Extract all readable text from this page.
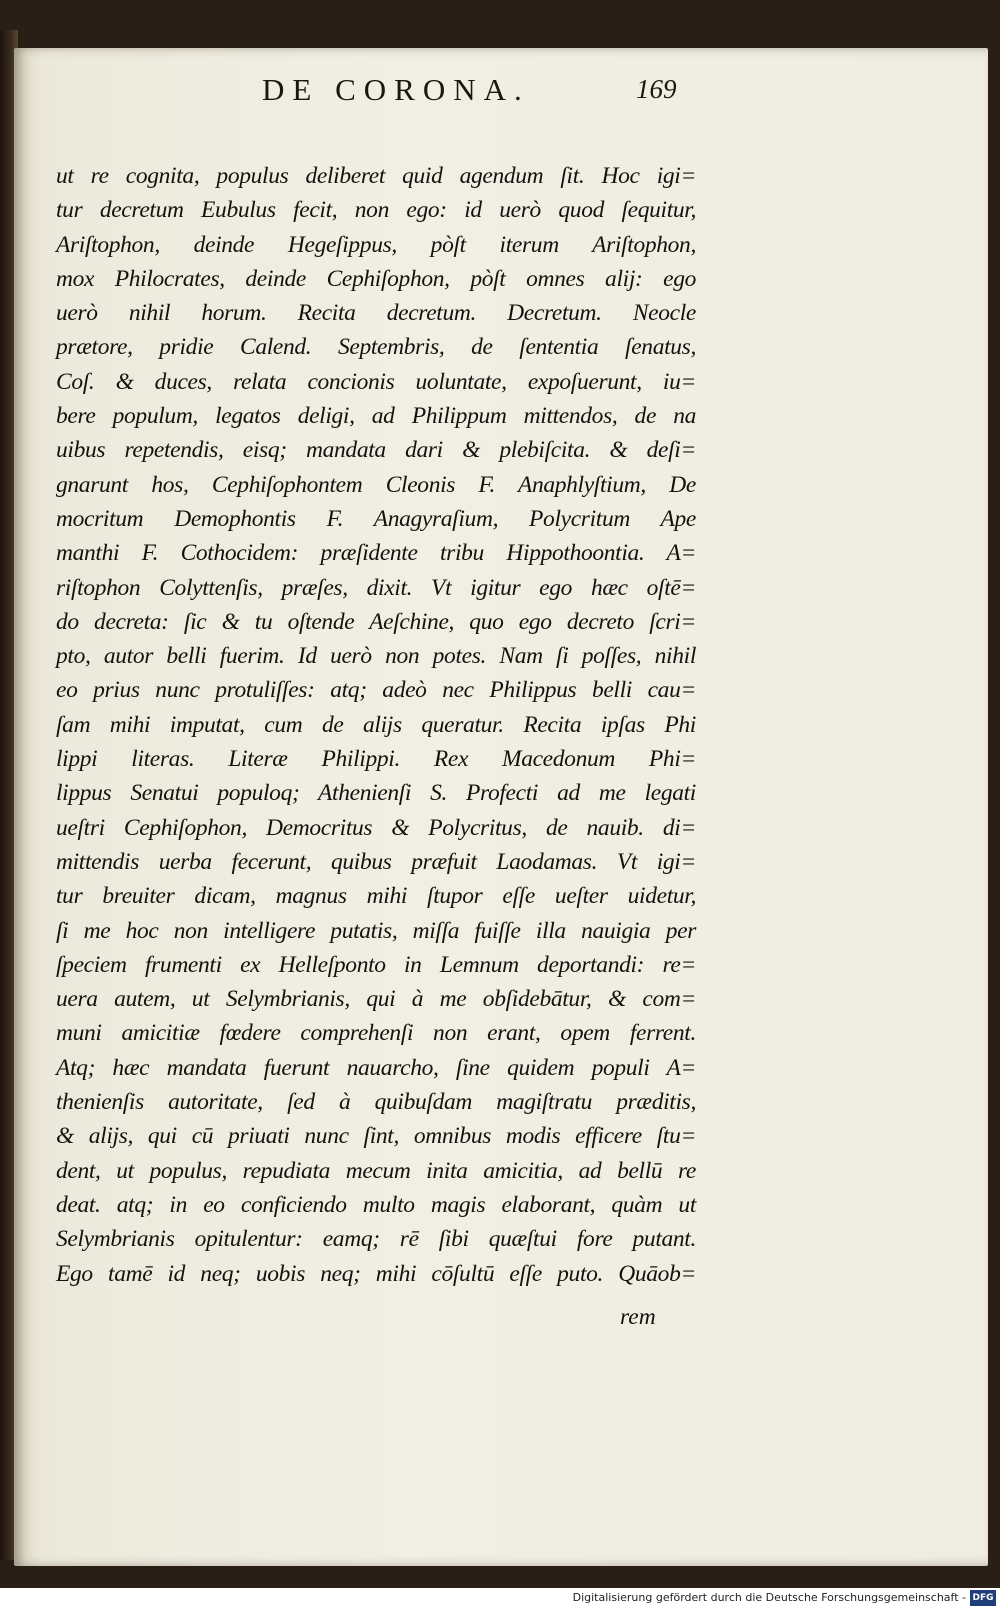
DE CORONA.	169
ut re cognita, populus deliberet quid agendum ſit. Hoc igi=
tur decretum Eubulus fecit, non ego: id uerò quod ſequitur,
Ariſtophon, deinde Hegeſippus, pòſt iterum Ariſtophon,
mox Philocrates, deinde Cephiſophon, pòſt omnes alij: ego
uerò nihil horum. Recita decretum. Decretum. Neocle
prætore, pridie Calend. Septembris, de ſententia ſenatus,
Coſ. & duces, relata concionis uoluntate, expoſuerunt, iu=
bere populum, legatos deligi, ad Philippum mittendos, de na
uibus repetendis, eisq; mandata dari & plebiſcita. & deſi=
gnarunt hos, Cephiſophontem Cleonis F. Anaphlyſtium, De
mocritum Demophontis F. Anagyraſium, Polycritum Ape
manthi F. Cothocidem: præſidente tribu Hippothoontia. A=
riſtophon Colyttenſis, præſes, dixit. Vt igitur ego hæc oſtē=
do decreta: ſic & tu oſtende Aeſchine, quo ego decreto ſcri=
pto, autor belli fuerim. Id uerò non potes. Nam ſi poſſes, nihil
eo prius nunc protuliſſes: atq; adeò nec Philippus belli cau=
ſam mihi imputat, cum de alijs queratur. Recita ipſas Phi
lippi literas. Literæ Philippi. Rex Macedonum Phi=
lippus Senatui populoq; Athenienſi S. Profecti ad me legati
ueſtri Cephiſophon, Democritus & Polycritus, de nauib. di=
mittendis uerba fecerunt, quibus præfuit Laodamas. Vt igi=
tur breuiter dicam, magnus mihi ſtupor eſſe ueſter uidetur,
ſi me hoc non intelligere putatis, miſſa fuiſſe illa nauigia per
ſpeciem frumenti ex Helleſponto in Lemnum deportandi: re=
uera autem, ut Selymbrianis, qui à me obſidebātur, & com=
muni amicitiæ fœdere comprehenſi non erant, opem ferrent.
Atq; hæc mandata fuerunt nauarcho, ſine quidem populi A=
thenienſis autoritate, ſed à quibuſdam magiſtratu præditis,
& alijs, qui cū priuati nunc ſint, omnibus modis efficere ſtu=
dent, ut populus, repudiata mecum inita amicitia, ad bellū re
deat. atq; in eo conficiendo multo magis elaborant, quàm ut
Selymbrianis opitulentur: eamq; rē ſibi quæſtui fore putant.
Ego tamē id neq; uobis neq; mihi cōſultū eſſe puto. Quāob=
rem
Digitalisierung gefördert durch die Deutsche Forschungsgemeinschaft - DFG
